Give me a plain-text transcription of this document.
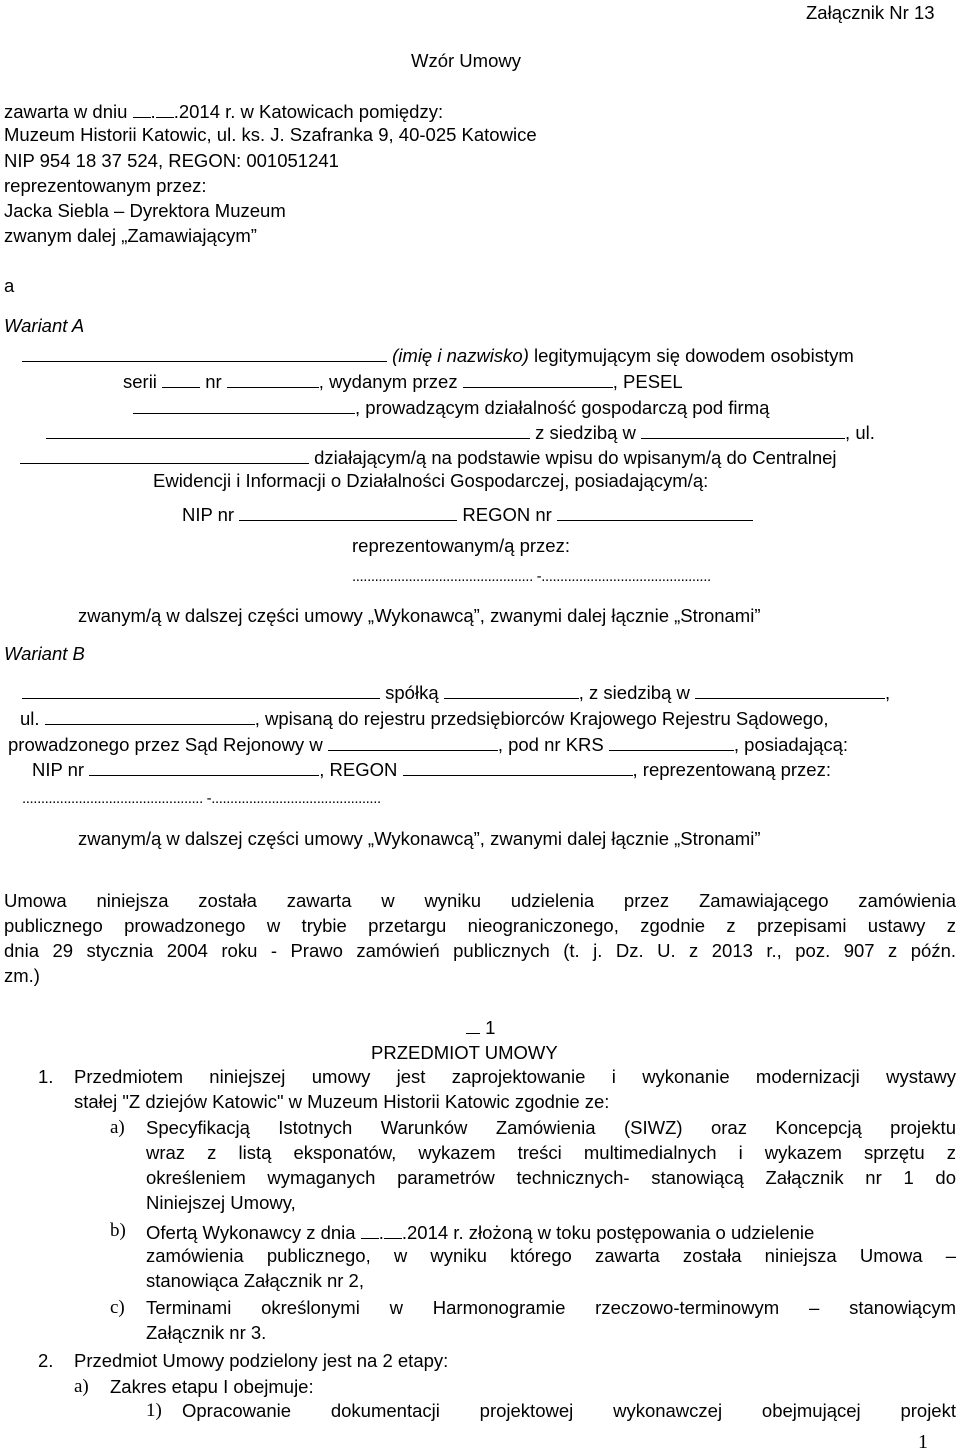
Załącznik Nr 13
Wzór Umowy
zawarta w dniu . .2014 r. w Katowicach pomiędzy:
Muzeum Historii Katowic, ul. ks. J. Szafranka 9, 40-025 Katowice
NIP 954 18 37 524, REGON: 001051241
reprezentowanym przez:
Jacka Siebla – Dyrektora Muzeum
zwanym dalej „Zamawiającym”
a
Wariant A
(imię i nazwisko) legitymującym się dowodem osobistym
serii  nr	, wydanym przez	, PESEL
, prowadzącym działalność gospodarczą pod firmą
z siedzibą w	, ul.
działającym/ą na podstawie wpisu do wpisanym/ą do Centralnej
Ewidencji i Informacji o Działalności Gospodarczej, posiadającym/ą:
NIP nr	REGON nr
reprezentowanym/ą przez:
................................................ -.............................................
zwanym/ą w dalszej części umowy „Wykonawcą”, zwanymi dalej łącznie „Stronami”
Wariant B
spółką	, z siedzibą w	,
ul.	, wpisaną do rejestru przedsiębiorców Krajowego Rejestru Sądowego,
prowadzonego przez Sąd Rejonowy w	, pod nr KRS	, posiadającą:
NIP nr	, REGON	, reprezentowaną przez:
................................................ -.............................................
zwanym/ą w dalszej części umowy „Wykonawcą”, zwanymi dalej łącznie „Stronami”
Umowa niniejsza została zawarta w wyniku udzielenia przez Zamawiającego zamówienia
publicznego prowadzonego w trybie przetargu nieograniczonego, zgodnie z przepisami ustawy z
dnia 29 stycznia 2004 roku - Prawo zamówień publicznych (t. j. Dz. U. z 2013 r., poz. 907 z późn.
zm.)
1
PRZEDMIOT UMOWY
1. Przedmiotem niniejszej umowy jest zaprojektowanie i wykonanie modernizacji wystawy
stałej "Z dziejów Katowic" w Muzeum Historii Katowic zgodnie ze:
a) Specyfikacją Istotnych Warunków Zamówienia (SIWZ) oraz Koncepcją projektu
wraz z listą eksponatów, wykazem treści multimedialnych i wykazem sprzętu z
określeniem wymaganych parametrów technicznych- stanowiącą Załącznik nr 1 do
Niniejszej Umowy,
b) Ofertą Wykonawcy z dnia . .2014 r. złożoną w toku postępowania o udzielenie
zamówienia publicznego, w wyniku którego zawarta została niniejsza Umowa –
stanowiąca Załącznik nr 2,
c) Terminami określonymi w Harmonogramie rzeczowo-terminowym – stanowiącym
Załącznik nr 3.
2. Przedmiot Umowy podzielony jest na 2 etapy:
a) Zakres etapu I obejmuje:
1) Opracowanie dokumentacji projektowej wykonawczej obejmującej projekt
1
